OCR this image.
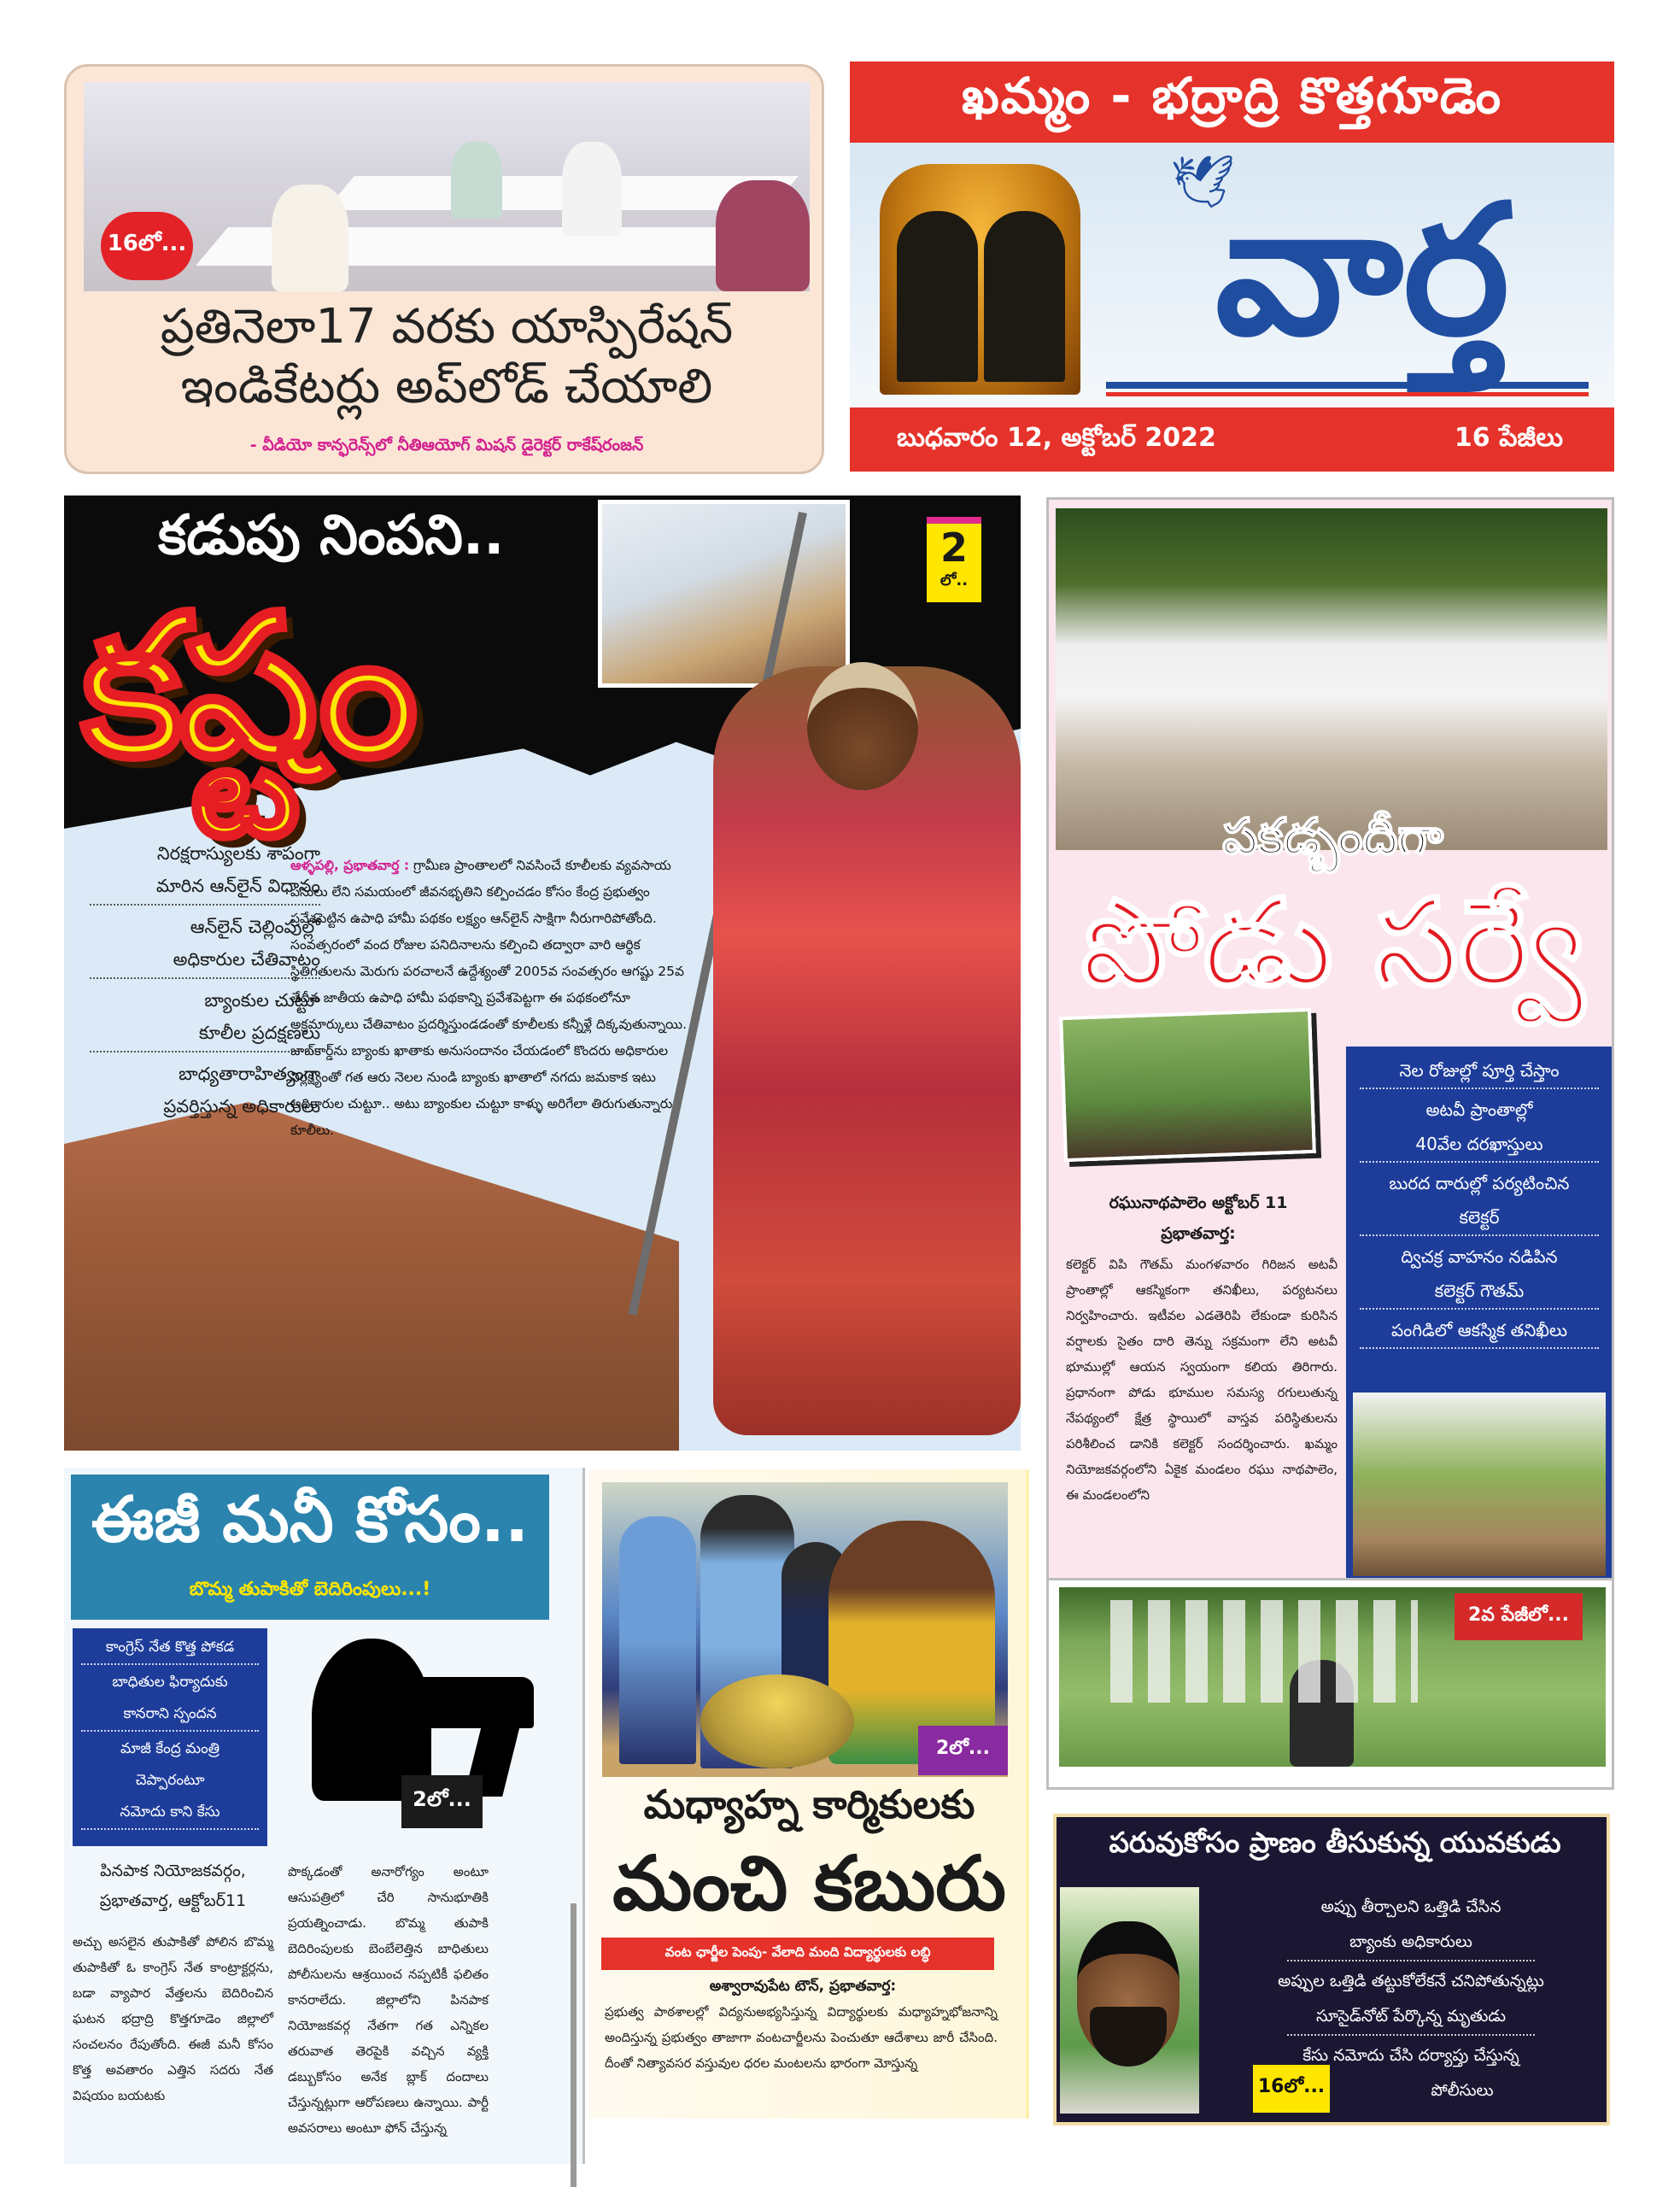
16లో...
ప్రతినెలా17 వరకు యాస్పిరేషన్
ఇండికేటర్లు అప్‌లోడ్ చేయాలి
- వీడియో కాన్ఫరెన్స్‌లో నీతిఆయోగ్ మిషన్ డైరెక్టర్ రాకేష్‌రంజన్
ఖమ్మం - భద్రాద్రి కొత్తగూడెం
🕊
వార్త
బుధవారం 12, అక్టోబర్ 2022	16 పేజీలు
కడుపు నింపని..
కష్టం
2
లో..
నిరక్షరాస్యులకు శాపంగా
మారిన ఆన్‌లైన్ విధానం
ఆన్‌లైన్ చెల్లింపుల్లో
అధికారుల చేతివాటం
బ్యాంకుల చుట్టూ
కూలీల ప్రదక్షణలు
బాధ్యతారాహిత్యంగా
ప్రవర్తిస్తున్న అధికారులు
ఆళ్ళపల్లి, ప్రభాతవార్త : గ్రామీణ ప్రాంతాలలో నివసించే కూలీలకు వ్యవసాయ పనులు లేని సమయంలో జీవనభృతిని కల్పించడం కోసం కేంద్ర ప్రభుత్వం ప్రవేశపెట్టిన ఉపాధి హామీ పథకం లక్ష్యం ఆన్‌లైన్ సాక్షిగా నీరుగారిపోతోంది. సంవత్సరంలో వంద రోజుల పనిదినాలను కల్పించి తద్వారా వారి ఆర్థిక స్థితిగతులను మెరుగు పరచాలనే ఉద్దేశ్యంతో 2005వ సంవత్సరం ఆగష్టు 25వ తేదీన జాతీయ ఉపాధి హామీ పథకాన్ని ప్రవేశపెట్టగా ఈ పథకంలోనూ అక్రమార్కులు చేతివాటం ప్రదర్శిస్తుండడంతో కూలీలకు కన్నీళ్లే దిక్కవుతున్నాయి. జాబ్‌కార్డ్‌ను బ్యాంకు ఖాతాకు అనుసందానం చేయడంలో కొందరు అధికారుల నిర్లక్ష్యంతో గత ఆరు నెలల నుండి బ్యాంకు ఖాతాలో నగదు జమకాక ఇటు అధికారుల చుట్టూ.. అటు బ్యాంకుల చుట్టూ కాళ్ళు అరిగేలా తిరుగుతున్నారు కూలీలు.
పకడ్బందీగా
పోడు సర్వే
నెల రోజుల్లో పూర్తి చేస్తాం
అటవీ ప్రాంతాల్లో
40వేల దరఖాస్తులు
బురద దారుల్లో పర్యటించిన
కలెక్టర్
ద్విచక్ర వాహనం నడిపిన
కలెక్టర్ గౌతమ్
పంగిడిలో ఆకస్మిక తనిఖీలు
రఘునాథపాలెం అక్టోబర్ 11
ప్రభాతవార్త:
కలెక్టర్ విపి గౌతమ్ మంగళవారం గిరిజన అటవీ ప్రాంతాల్లో ఆకస్మికంగా తనిఖీలు, పర్యటనలు నిర్వహించారు. ఇటీవల ఎడతెరిపి లేకుండా కురిసిన వర్షాలకు సైతం దారి తెన్ను సక్రమంగా లేని అటవీ భూముల్లో ఆయన స్వయంగా కలియ తిరిగారు. ప్రధానంగా పోడు భూముల సమస్య రగులుతున్న నేపథ్యంలో క్షేత్ర స్థాయిలో వాస్తవ పరిస్థితులను పరిశీలించ డానికి కలెక్టర్ సందర్శించారు. ఖమ్మం నియోజకవర్గంలోని ఏకైక మండలం రఘు నాథపాలెం, ఈ మండలంలోని
2వ పేజీలో...
ఈజీ మనీ కోసం..
బొమ్మ తుపాకితో బెదిరింపులు...!
కాంగ్రెస్ నేత కొత్త పోకడ
బాధితుల ఫిర్యాదుకు
కానరాని స్పందన
మాజీ కేంద్ర మంత్రి
చెప్పారంటూ
నమోదు కాని కేసు
2లో...
పినపాక నియోజకవర్గం,
ప్రభాతవార్త, ఆక్టోబర్11
అచ్చు అసలైన తుపాకితో పోలిన బొమ్మ తుపాకితో ఓ కాంగ్రెస్ నేత కాంట్రాక్టర్లను, బడా వ్యాపార వేత్తలను బెదిరించిన ఘటన భద్రాద్రి కొత్తగూడెం జిల్లాలో సంచలనం రేపుతోంది. ఈజీ మనీ కోసం కొత్త అవతారం ఎత్తిన సదరు నేత విషయం బయటకు
పొక్కడంతో అనారోగ్యం అంటూ ఆసుపత్రిలో చేరి సానుభూతికి ప్రయత్నించాడు. బొమ్మ తుపాకి బెదిరింపులకు బెంబేలెత్తిన బాధితులు పోలీసులను ఆశ్రయించ నప్పటికీ ఫలితం కానరాలేదు. జిల్లాలోని పినపాక నియోజకవర్గ నేతగా గత ఎన్నికల తరువాత తెరపైకి వచ్చిన వ్యక్తి డబ్బుకోసం అనేక బ్లాక్ దందాలు చేస్తున్నట్లుగా ఆరోపణలు ఉన్నాయి. పార్టీ అవసరాలు అంటూ ఫోన్ చేస్తున్న
2లో...
మధ్యాహ్న కార్మికులకు
మంచి కబురు
వంట ఛార్జీల పెంపు- వేలాది మంది విద్యార్థులకు లబ్ధి
అశ్వారావుపేట టౌన్, ప్రభాతవార్త:
ప్రభుత్వ పాఠశాలల్లో విద్యనుఅభ్యసిస్తున్న విద్యార్థులకు మధ్యాహ్నభోజనాన్ని అందిస్తున్న ప్రభుత్వం తాజాగా వంటచార్జీలను పెంచుతూ ఆదేశాలు జారీ చేసింది. దీంతో నిత్యావసర వస్తువుల ధరల మంటలను భారంగా మోస్తున్న
పరువుకోసం ప్రాణం తీసుకున్న యువకుడు
అప్పు తీర్చాలని ఒత్తిడి చేసిన
బ్యాంకు అధికారులు
అప్పుల ఒత్తిడి తట్టుకోలేకనే చనిపోతున్నట్లు
సూసైడ్‌నోట్ పేర్కొన్న మృతుడు
కేసు నమోదు చేసి దర్యాప్తు చేస్తున్న
పోలీసులు
16లో...
